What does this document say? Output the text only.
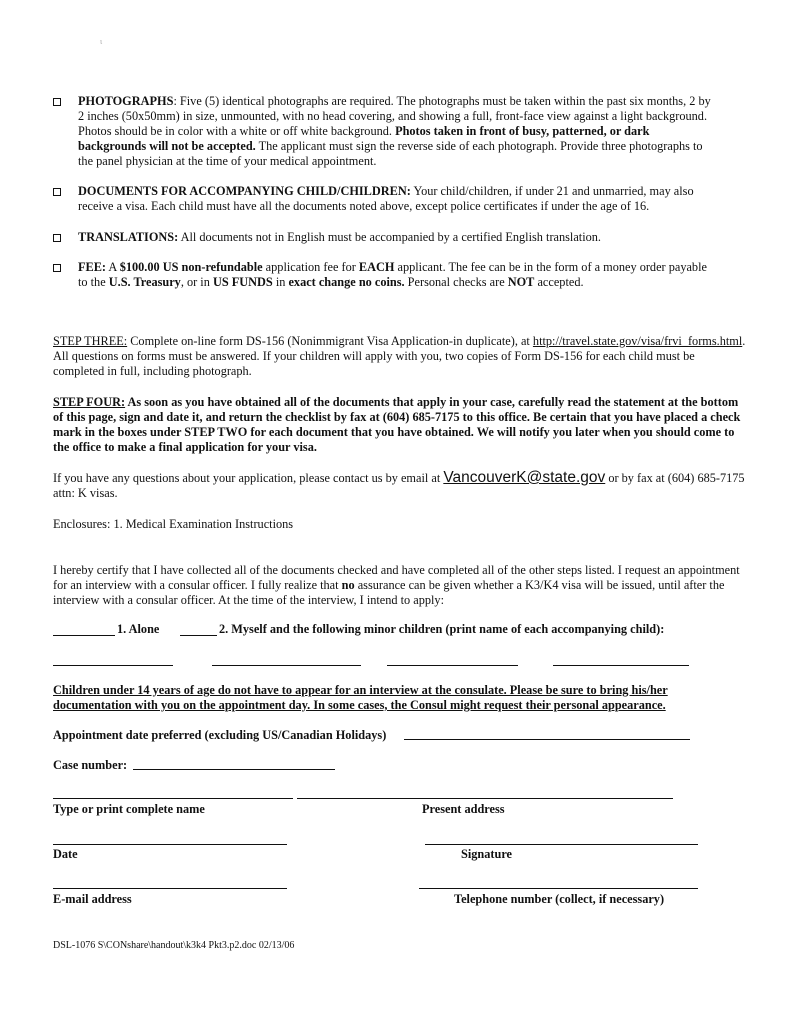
ι
PHOTOGRAPHS: Five (5) identical photographs are required. The photographs must be taken within the past six months, 2 by 2 inches (50x50mm) in size, unmounted, with no head covering, and showing a full, front-face view against a light background. Photos should be in color with a white or off white background. Photos taken in front of busy, patterned, or dark backgrounds will not be accepted. The applicant must sign the reverse side of each photograph. Provide three photographs to the panel physician at the time of your medical appointment.
DOCUMENTS FOR ACCOMPANYING CHILD/CHILDREN: Your child/children, if under 21 and unmarried, may also receive a visa. Each child must have all the documents noted above, except police certificates if under the age of 16.
TRANSLATIONS: All documents not in English must be accompanied by a certified English translation.
FEE: A $100.00 US non-refundable application fee for EACH applicant. The fee can be in the form of a money order payable to the U.S. Treasury, or in US FUNDS in exact change no coins. Personal checks are NOT accepted.
STEP THREE: Complete on-line form DS-156 (Nonimmigrant Visa Application-in duplicate), at http://travel.state.gov/visa/frvi_forms.html. All questions on forms must be answered. If your children will apply with you, two copies of Form DS-156 for each child must be completed in full, including photograph.
STEP FOUR: As soon as you have obtained all of the documents that apply in your case, carefully read the statement at the bottom of this page, sign and date it, and return the checklist by fax at (604) 685-7175 to this office. Be certain that you have placed a check mark in the boxes under STEP TWO for each document that you have obtained. We will notify you later when you should come to the office to make a final application for your visa.
If you have any questions about your application, please contact us by email at VancouverK@state.gov or by fax at (604) 685-7175 attn: K visas.
Enclosures: 1. Medical Examination Instructions
I hereby certify that I have collected all of the documents checked and have completed all of the other steps listed. I request an appointment for an interview with a consular officer. I fully realize that no assurance can be given whether a K3/K4 visa will be issued, until after the interview with a consular officer. At the time of the interview, I intend to apply:
1. Alone	2. Myself and the following minor children (print name of each accompanying child):
Children under 14 years of age do not have to appear for an interview at the consulate. Please be sure to bring his/her documentation with you on the appointment day. In some cases, the Consul might request their personal appearance.
Appointment date preferred (excluding US/Canadian Holidays)
Case number:
Type or print complete name	Present address
Date	Signature
E-mail address	Telephone number (collect, if necessary)
DSL-1076 S\CONshare\handout\k3k4 Pkt3.p2.doc 02/13/06
